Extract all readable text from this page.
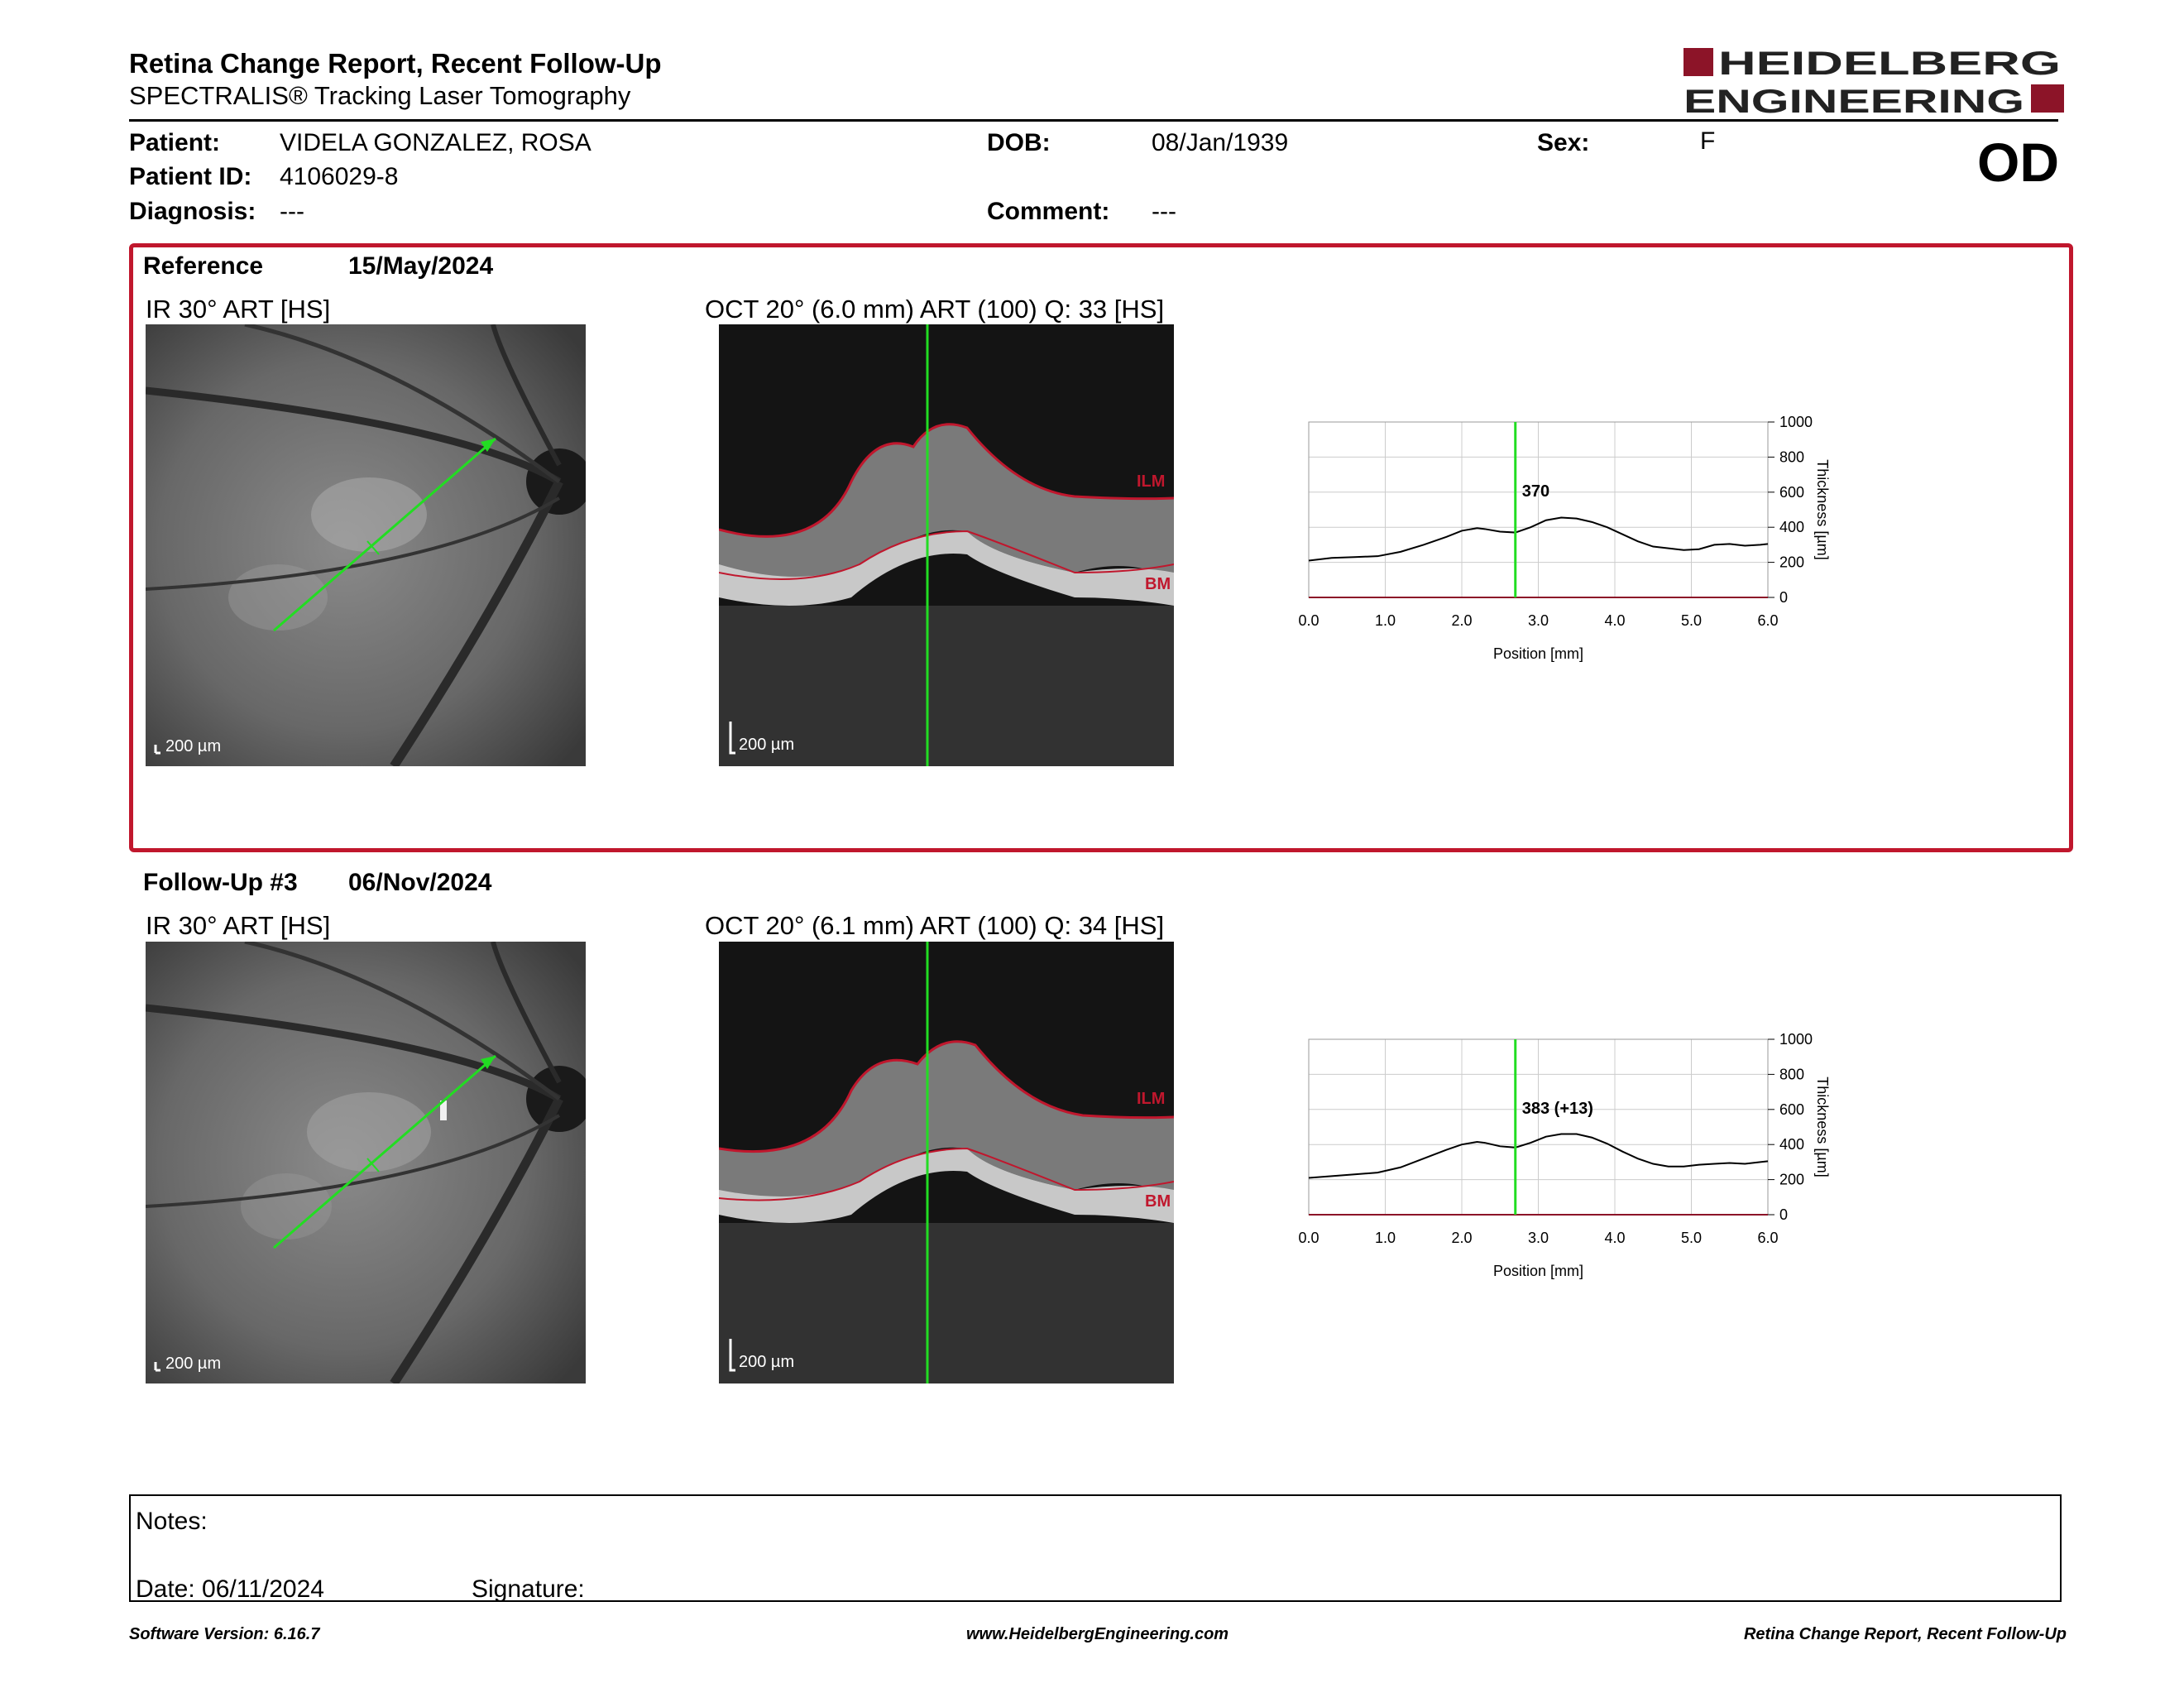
Retina Change Report, Recent Follow-Up
SPECTRALIS® Tracking Laser Tomography
HEIDELBERG
ENGINEERING
Patient: VIDELA GONZALEZ, ROSA
Patient ID: 4106029-8
Diagnosis: ---
DOB:	08/Jan/1939
Comment: ---
Sex:	F	OD
Reference	15/May/2024
IR 30° ART [HS]	OCT 20° (6.0 mm) ART (100) Q: 33 [HS]
200 µm
ILM
BM
200 µm
0
200
400
600
800
1000
0.0	1.0	2.0	3.0	4.0	5.0	6.0
Position [mm]
Thickness [µm]
370
Follow-Up #3 06/Nov/2024
IR 30° ART [HS]	OCT 20° (6.1 mm) ART (100) Q: 34 [HS]
200 µm
ILM
BM
200 µm
0
200
400
600
800
1000
0.0	1.0	2.0	3.0	4.0	5.0	6.0
Position [mm]
Thickness [µm]
383 (+13)
Notes:
Date: 06/11/2024	Signature:
Software Version: 6.16.7	www.HeidelbergEngineering.com	Retina Change Report, Recent Follow-Up
